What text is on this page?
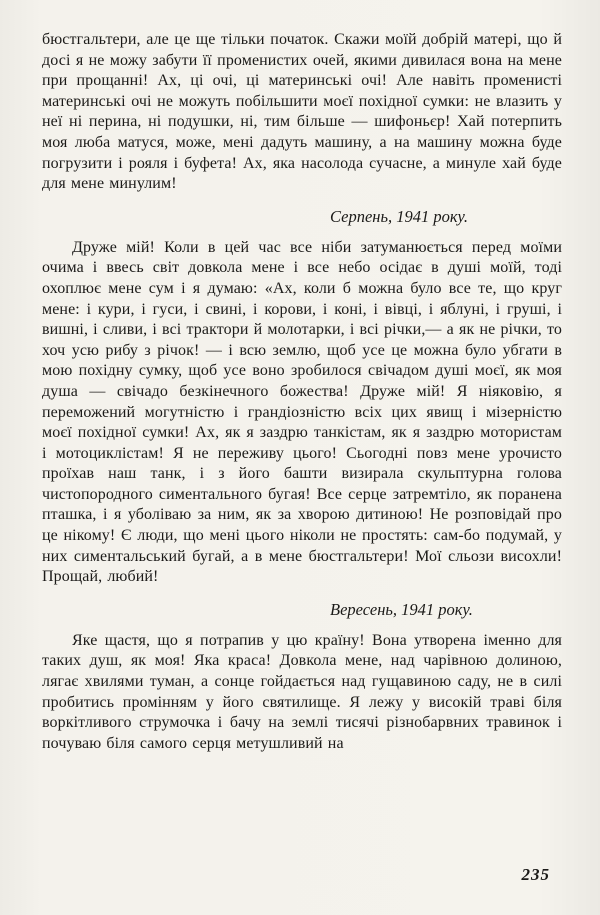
бюстгальтери, але це ще тільки початок. Скажи моїй добрій матері, що й досі я не можу забути її променистих очей, якими дивилася вона на мене при прощанні! Ах, ці очі, ці материнські очі! Але навіть променисті материнські очі не можуть побільшити моєї похідної сумки: не влазить у неї ні перина, ні подушки, ні, тим більше — шифоньєр! Хай потерпить моя люба матуся, може, мені дадуть машину, а на машину можна буде погрузити і рояля і буфета! Ах, яка насолода сучасне, а минуле хай буде для мене минулим!

Серпень, 1941 року.

Друже мій! Коли в цей час все ніби затуманюється перед моїми очима і ввесь світ довкола мене і все небо осідає в душі моїй, тоді охоплює мене сум і я думаю: «Ах, коли б можна було все те, що круг мене: і кури, і гуси, і свині, і корови, і коні, і вівці, і яблуні, і груші, і вишні, і сливи, і всі трактори й молотарки, і всі річки,— а як не річки, то хоч усю рибу з річок! — і всю землю, щоб усе це можна було убгати в мою похідну сумку, щоб усе воно зробилося свічадом душі моєї, як моя душа — свічадо безкінечного божества! Друже мій! Я ніяковію, я переможений могутністю і грандіозністю всіх цих явищ і мізерністю моєї похідної сумки! Ах, як я заздрю танкістам, як я заздрю мотористам і мотоциклістам! Я не переживу цього! Сьогодні повз мене урочисто проїхав наш танк, і з його башти визирала скульптурна голова чистопородного симентального бугая! Все серце затремтіло, як поранена пташка, і я уболіваю за ним, як за хворою дитиною! Не розповідай про це нікому! Є люди, що мені цього ніколи не простять: сам-бо подумай, у них симентальський бугай, а в мене бюстгальтери! Мої сльози висохли! Прощай, любий!

Вересень, 1941 року.

Яке щастя, що я потрапив у цю країну! Вона утворена іменно для таких душ, як моя! Яка краса! Довкола мене, над чарівною долиною, лягає хвилями туман, а сонце гойдається над гущавиною саду, не в силі пробитись промінням у його святилище. Я лежу у високій траві біля воркітливого струмочка і бачу на землі тисячі різнобарвних травинок і почуваю біля самого серця метушливий на

235
